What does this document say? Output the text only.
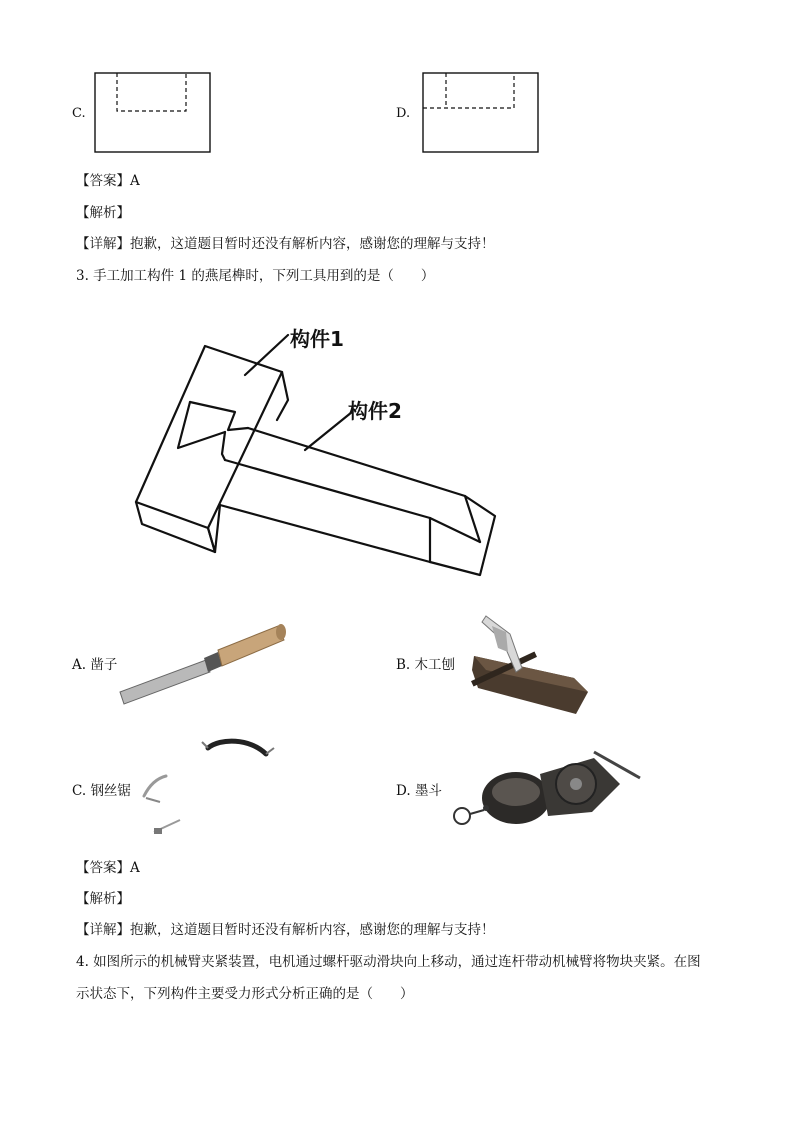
C.	D.
【答案】A
【解析】
【详解】抱歉，这道题目暂时还没有解析内容，感谢您的理解与支持！
3. 手工加工构件 1 的燕尾榫时，下列工具用到的是（　　）
构件1
构件2
A. 凿子	B. 木工刨
C. 钢丝锯	D. 墨斗
【答案】A
【解析】
【详解】抱歉，这道题目暂时还没有解析内容，感谢您的理解与支持！
4. 如图所示的机械臂夹紧装置，电机通过螺杆驱动滑块向上移动，通过连杆带动机械臂将物块夹紧。在图
示状态下，下列构件主要受力形式分析正确的是（　　）
